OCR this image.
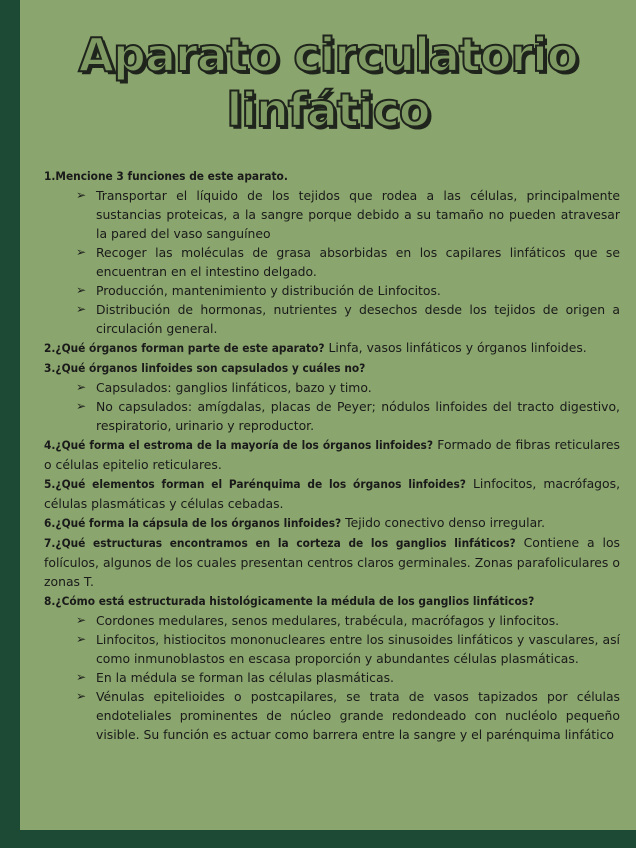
Aparato circulatorio
linfático

1.Mencione 3 funciones de este aparato.

➢ Transportar el líquido de los tejidos que rodea a las células, principalmente sustancias proteicas, a la sangre porque debido a su tamaño no pueden atravesar la pared del vaso sanguíneo
➢ Recoger las moléculas de grasa absorbidas en los capilares linfáticos que se encuentran en el intestino delgado.
➢ Producción, mantenimiento y distribución de Linfocitos.
➢ Distribución de hormonas, nutrientes y desechos desde los tejidos de origen a circulación general.

2.¿Qué órganos forman parte de este aparato? Linfa, vasos linfáticos y órganos linfoides.

3.¿Qué órganos linfoides son capsulados y cuáles no?

➢ Capsulados: ganglios linfáticos, bazo y timo.
➢ No capsulados: amígdalas, placas de Peyer; nódulos linfoides del tracto digestivo, respiratorio, urinario y reproductor.

4.¿Qué forma el estroma de la mayoría de los órganos linfoides? Formado de fibras reticulares o células epitelio reticulares.

5.¿Qué elementos forman el Parénquima de los órganos linfoides? Linfocitos, macrófagos, células plasmáticas y células cebadas.

6.¿Qué forma la cápsula de los órganos linfoides? Tejido conectivo denso irregular.

7.¿Qué estructuras encontramos en la corteza de los ganglios linfáticos? Contiene a los folículos, algunos de los cuales presentan centros claros germinales. Zonas parafoliculares o zonas T.

8.¿Cómo está estructurada histológicamente la médula de los ganglios linfáticos?

➢ Cordones medulares, senos medulares, trabécula, macrófagos y linfocitos.
➢ Linfocitos, histiocitos mononucleares entre los sinusoides linfáticos y vasculares, así como inmunoblastos en escasa proporción y abundantes células plasmáticas.
➢ En la médula se forman las células plasmáticas.
➢ Vénulas epitelioides o postcapilares, se trata de vasos tapizados por células endoteliales prominentes de núcleo grande redondeado con nucléolo pequeño visible. Su función es actuar como barrera entre la sangre y el parénquima linfático
